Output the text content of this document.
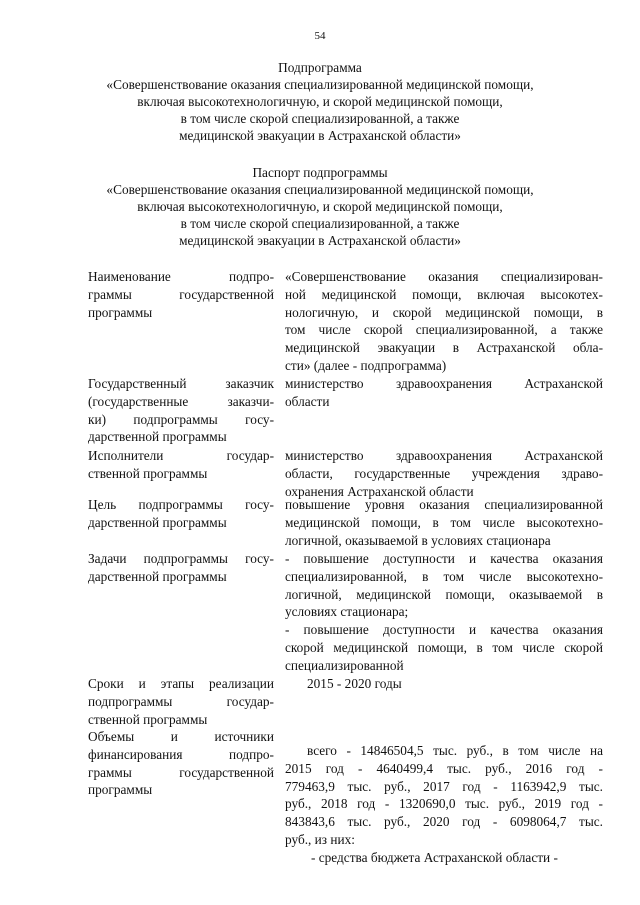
54
Подпрограмма
«Совершенствование оказания специализированной медицинской помощи,
включая высокотехнологичную, и скорой медицинской помощи,
в том числе скорой специализированной, а также
медицинской эвакуации в Астраханской области»
Паспорт подпрограммы
«Совершенствование оказания специализированной медицинской помощи,
включая высокотехнологичную, и скорой медицинской помощи,
в том числе скорой специализированной, а также
медицинской эвакуации в Астраханской области»
Наименование подпро-
граммы государственной
программы
«Совершенствование оказания специализирован-
ной медицинской помощи, включая высокотех-
нологичную, и скорой медицинской помощи, в
том числе скорой специализированной, а также
медицинской эвакуации в Астраханской обла-
сти» (далее - подпрограмма)
Государственный заказчик
(государственные заказчи-
ки) подпрограммы госу-
дарственной программы
министерство здравоохранения Астраханской
области
Исполнители государ-
ственной программы
министерство здравоохранения Астраханской
области, государственные учреждения здраво-
охранения Астраханской области
Цель подпрограммы госу-
дарственной программы
повышение уровня оказания специализированной
медицинской помощи, в том числе высокотехно-
логичной, оказываемой в условиях стационара
Задачи подпрограммы госу-
дарственной программы
- повышение доступности и качества оказания
специализированной, в том числе высокотехно-
логичной, медицинской помощи, оказываемой в
условиях стационара;
- повышение доступности и качества оказания
скорой медицинской помощи, в том числе скорой
специализированной
Сроки и этапы реализации
подпрограммы государ-
ственной программы
2015 - 2020 годы
Объемы и источники
финансирования подпро-
граммы государственной
программы
всего - 14846504,5 тыс. руб., в том числе на
2015 год - 4640499,4 тыс. руб., 2016 год -
779463,9 тыс. руб., 2017 год - 1163942,9 тыс.
руб., 2018 год - 1320690,0 тыс. руб., 2019 год -
843843,6 тыс. руб., 2020 год - 6098064,7 тыс.
руб., из них:
- средства бюджета Астраханской области -
